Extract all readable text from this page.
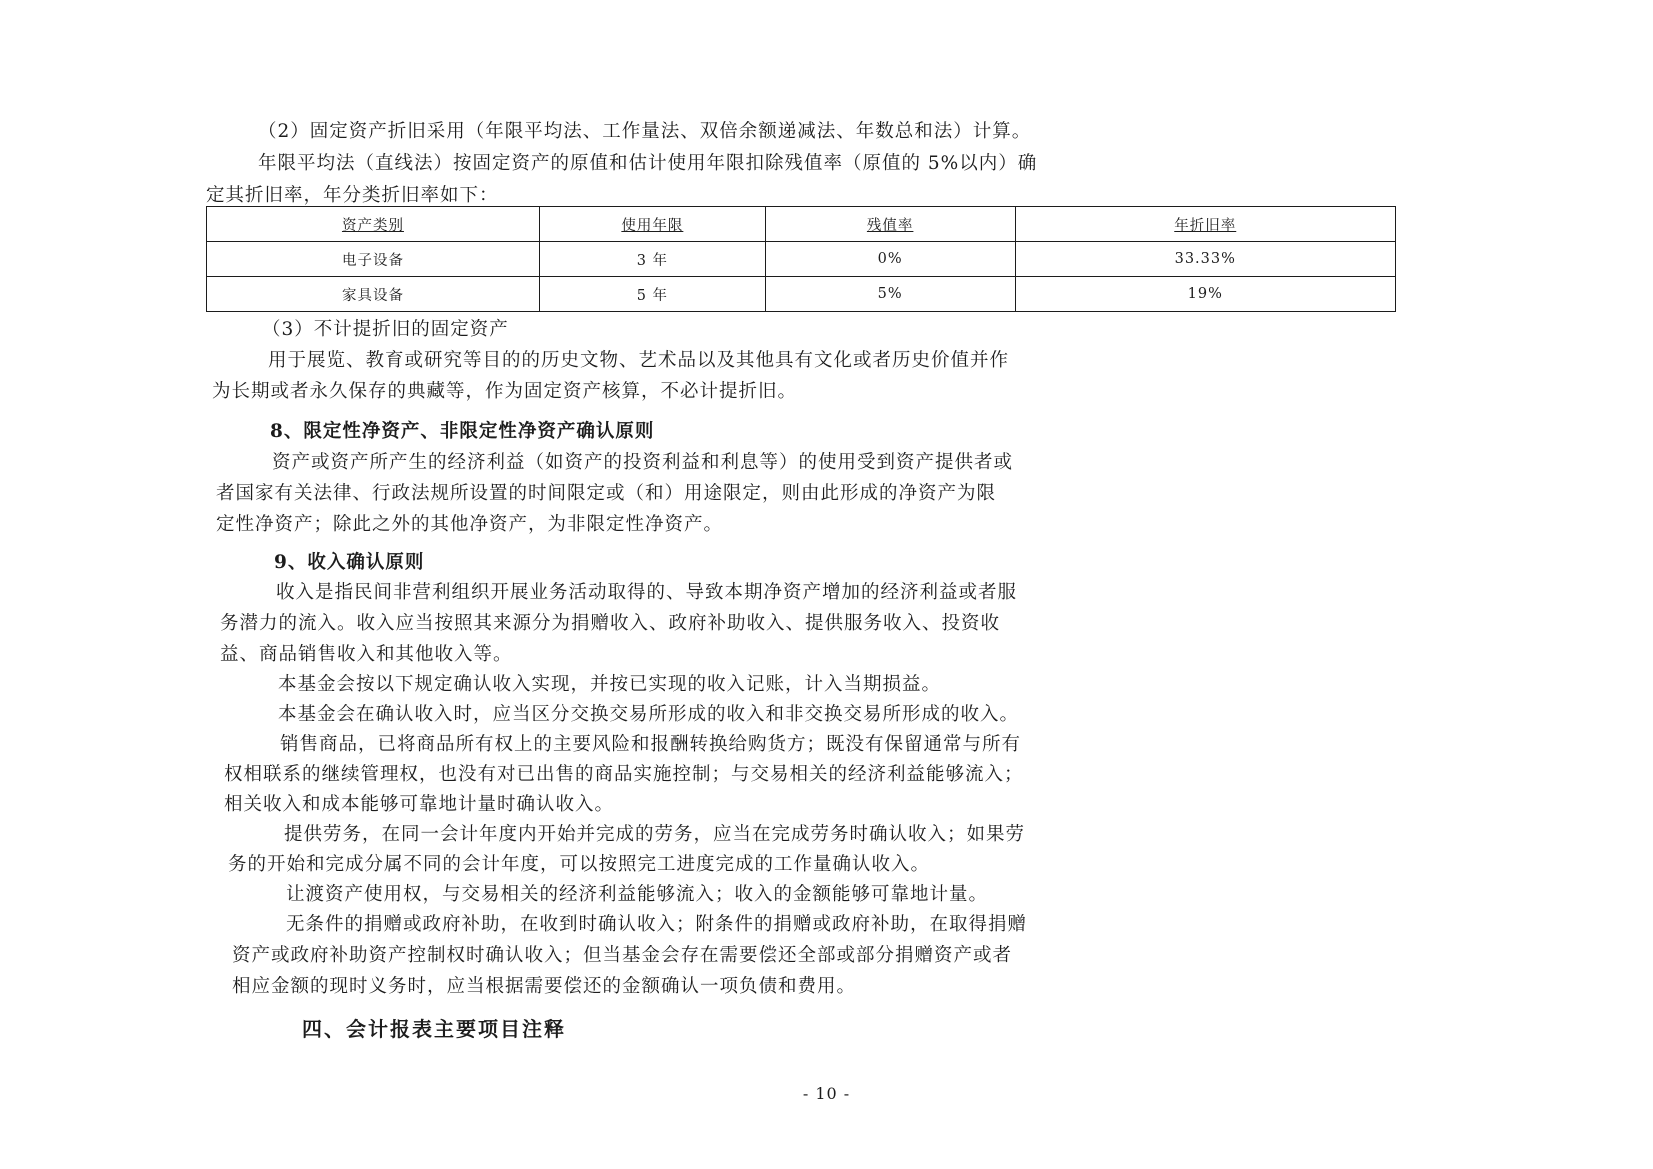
（2）固定资产折旧采用（年限平均法、工作量法、双倍余额递减法、年数总和法）计算。
年限平均法（直线法）按固定资产的原值和估计使用年限扣除残值率（原值的 5%以内）确
定其折旧率，年分类折旧率如下：
资产类别	使用年限	残值率	年折旧率
电子设备	3 年	0%	33.33%
家具设备	5 年	5%	19%
（3）不计提折旧的固定资产
用于展览、教育或研究等目的的历史文物、艺术品以及其他具有文化或者历史价值并作
为长期或者永久保存的典藏等，作为固定资产核算，不必计提折旧。
8、限定性净资产、非限定性净资产确认原则
资产或资产所产生的经济利益（如资产的投资利益和利息等）的使用受到资产提供者或
者国家有关法律、行政法规所设置的时间限定或（和）用途限定，则由此形成的净资产为限
定性净资产；除此之外的其他净资产，为非限定性净资产。
9、收入确认原则
收入是指民间非营利组织开展业务活动取得的、导致本期净资产增加的经济利益或者服
务潜力的流入。收入应当按照其来源分为捐赠收入、政府补助收入、提供服务收入、投资收
益、商品销售收入和其他收入等。
本基金会按以下规定确认收入实现，并按已实现的收入记账，计入当期损益。
本基金会在确认收入时，应当区分交换交易所形成的收入和非交换交易所形成的收入。
销售商品，已将商品所有权上的主要风险和报酬转换给购货方；既没有保留通常与所有
权相联系的继续管理权，也没有对已出售的商品实施控制；与交易相关的经济利益能够流入；
相关收入和成本能够可靠地计量时确认收入。
提供劳务，在同一会计年度内开始并完成的劳务，应当在完成劳务时确认收入；如果劳
务的开始和完成分属不同的会计年度，可以按照完工进度完成的工作量确认收入。
让渡资产使用权，与交易相关的经济利益能够流入；收入的金额能够可靠地计量。
无条件的捐赠或政府补助，在收到时确认收入；附条件的捐赠或政府补助，在取得捐赠
资产或政府补助资产控制权时确认收入；但当基金会存在需要偿还全部或部分捐赠资产或者
相应金额的现时义务时，应当根据需要偿还的金额确认一项负债和费用。
四、会计报表主要项目注释
- 10 -
